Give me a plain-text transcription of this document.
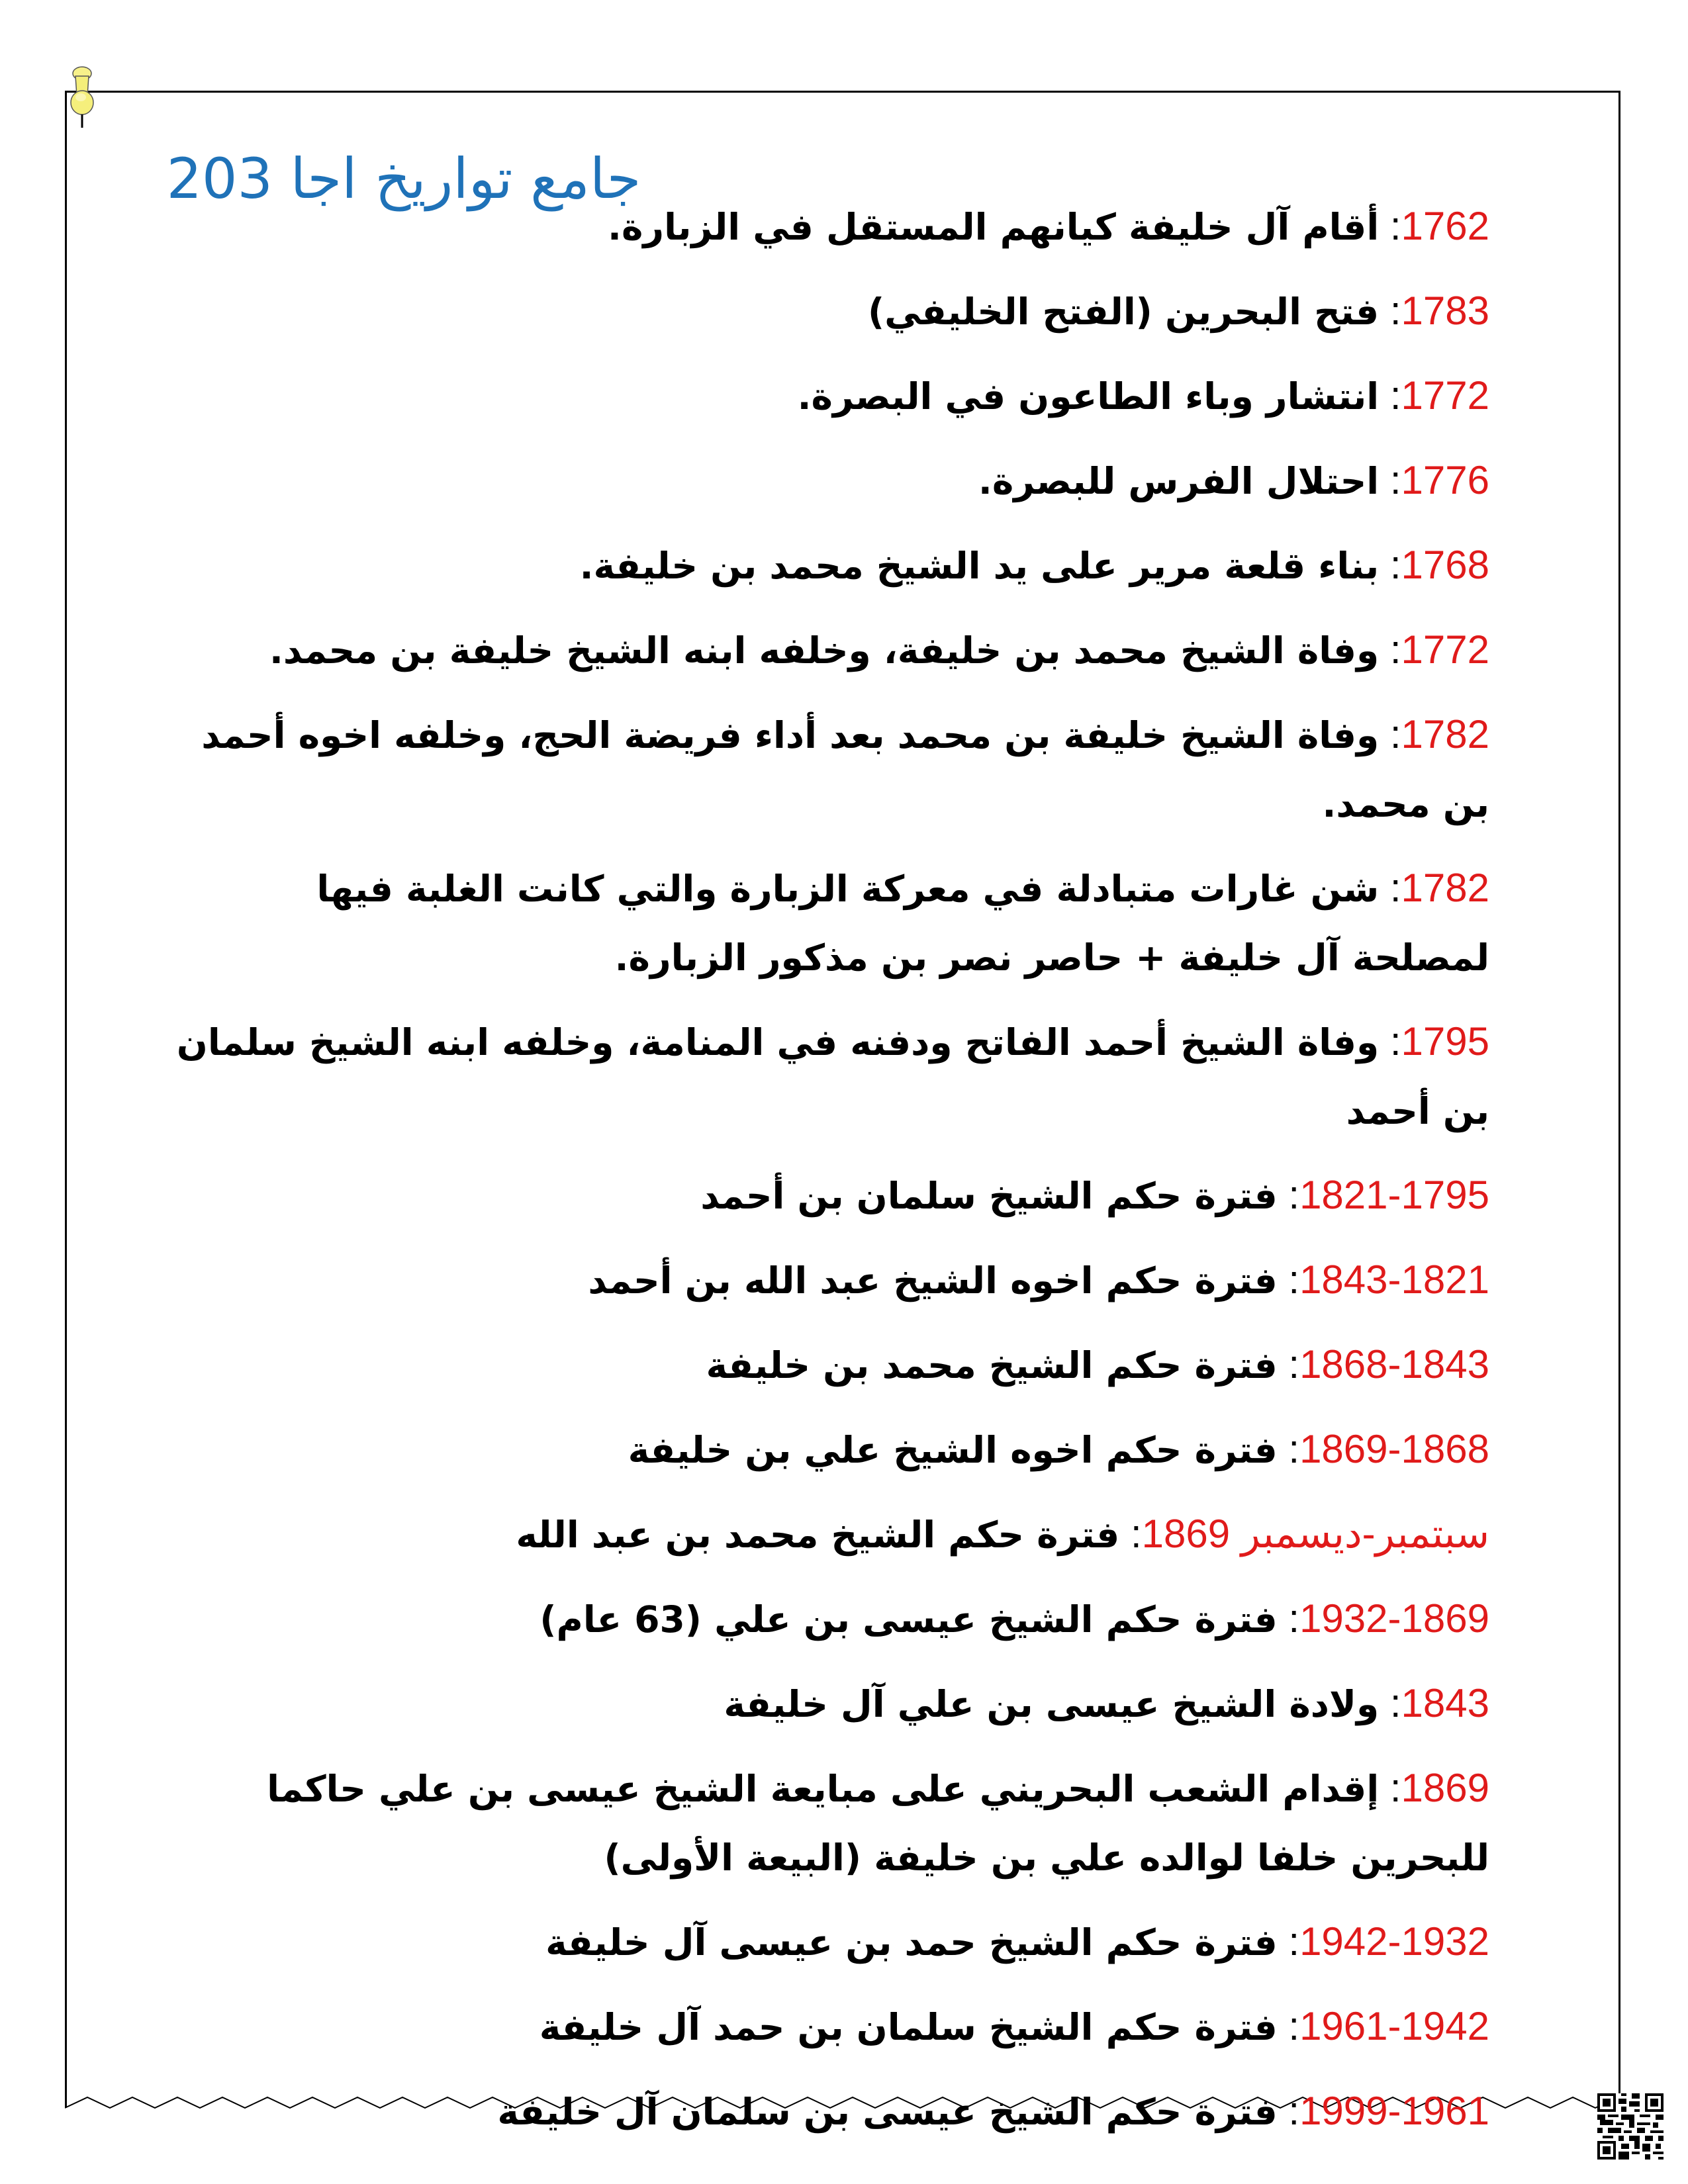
جامع تواريخ اجا 203
1762: أقام آل خليفة كيانهم المستقل في الزبارة.
1783: فتح البحرين (الفتح الخليفي)
1772: انتشار وباء الطاعون في البصرة.
1776: احتلال الفرس للبصرة.
1768: بناء قلعة مرير على يد الشيخ محمد بن خليفة.
1772: وفاة الشيخ محمد بن خليفة، وخلفه ابنه الشيخ خليفة بن محمد.
1782: وفاة الشيخ خليفة بن محمد بعد أداء فريضة الحج، وخلفه اخوه أحمد بن محمد.
1782: شن غارات متبادلة في معركة الزبارة والتي كانت الغلبة فيها لمصلحة آل خليفة + حاصر نصر بن مذكور الزبارة.
1795: وفاة الشيخ أحمد الفاتح ودفنه في المنامة، وخلفه ابنه الشيخ سلمان بن أحمد
1821-1795: فترة حكم الشيخ سلمان بن أحمد
1843-1821: فترة حكم اخوه الشيخ عبد الله بن أحمد
1868-1843: فترة حكم الشيخ محمد بن خليفة
1869-1868: فترة حكم اخوه الشيخ علي بن خليفة
سبتمبر-ديسمبر 1869: فترة حكم الشيخ محمد بن عبد الله
1932-1869: فترة حكم الشيخ عيسى بن علي (63 عام)
1843: ولادة الشيخ عيسى بن علي آل خليفة
1869: إقدام الشعب البحريني على مبايعة الشيخ عيسى بن علي حاكما للبحرين خلفا لوالده علي بن خليفة (البيعة الأولى)
1942-1932: فترة حكم الشيخ حمد بن عيسى آل خليفة
1961-1942: فترة حكم الشيخ سلمان بن حمد آل خليفة
1999-1961: فترة حكم الشيخ عيسى بن سلمان آل خليفة
